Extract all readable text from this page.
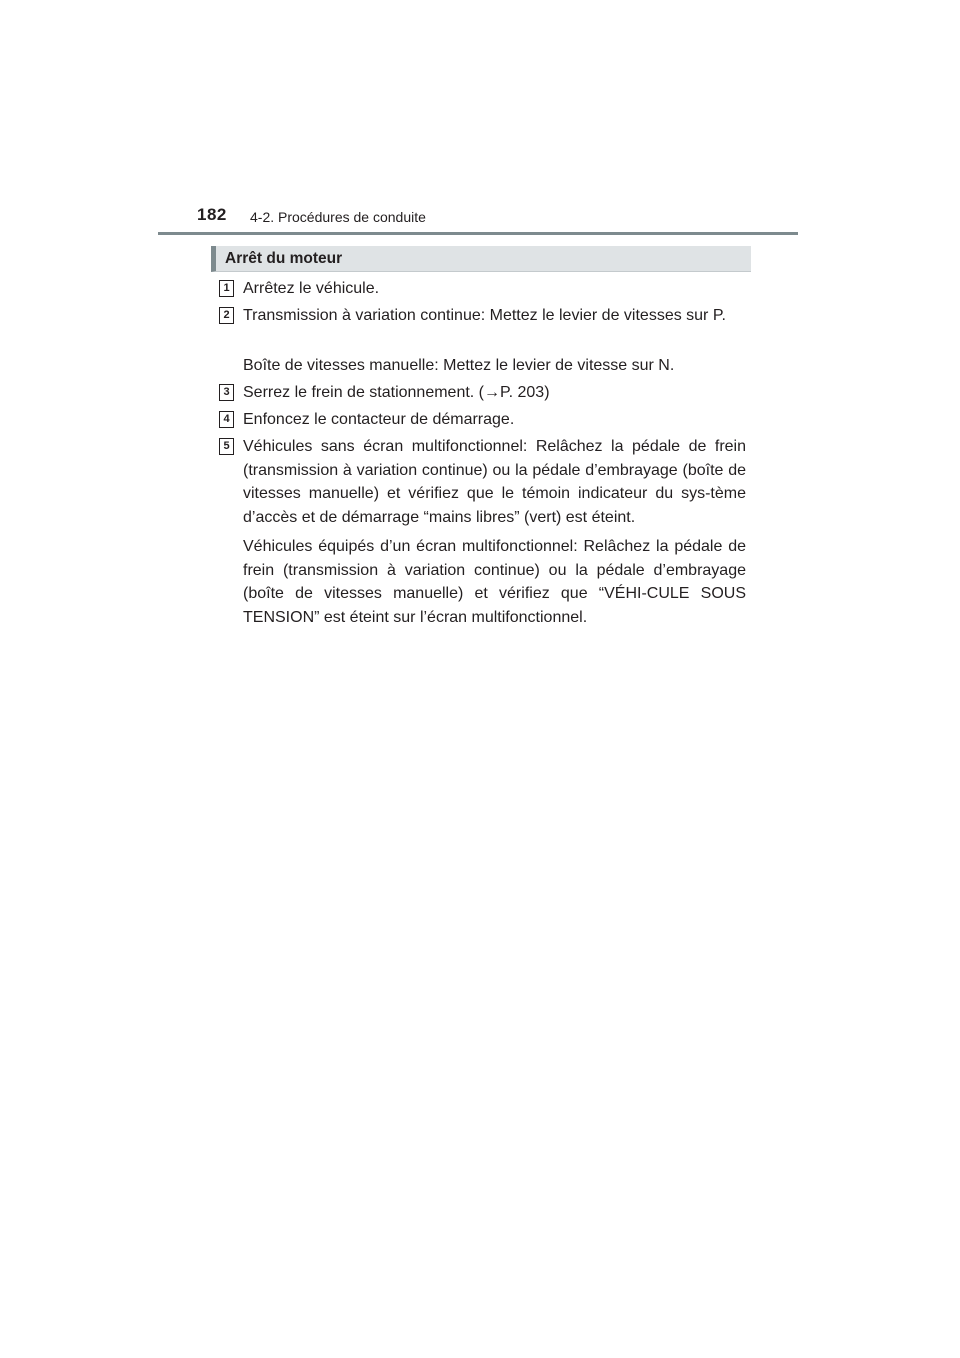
182 4-2. Procédures de conduite
Arrêt du moteur
1 Arrêtez le véhicule.

2 Transmission à variation continue: Mettez le levier de vitesses sur P.

Boîte de vitesses manuelle: Mettez le levier de vitesse sur N.

3 Serrez le frein de stationnement. (→P. 203)

4 Enfoncez le contacteur de démarrage.

5 Véhicules sans écran multifonctionnel: Relâchez la pédale de frein (transmission à variation continue) ou la pédale d’embrayage (boîte de vitesses manuelle) et vérifiez que le témoin indicateur du sys-tème d’accès et de démarrage “mains libres” (vert) est éteint.

Véhicules équipés d’un écran multifonctionnel: Relâchez la pédale de frein (transmission à variation continue) ou la pédale d’embrayage (boîte de vitesses manuelle) et vérifiez que “VÉHI-CULE SOUS TENSION” est éteint sur l’écran multifonctionnel.
